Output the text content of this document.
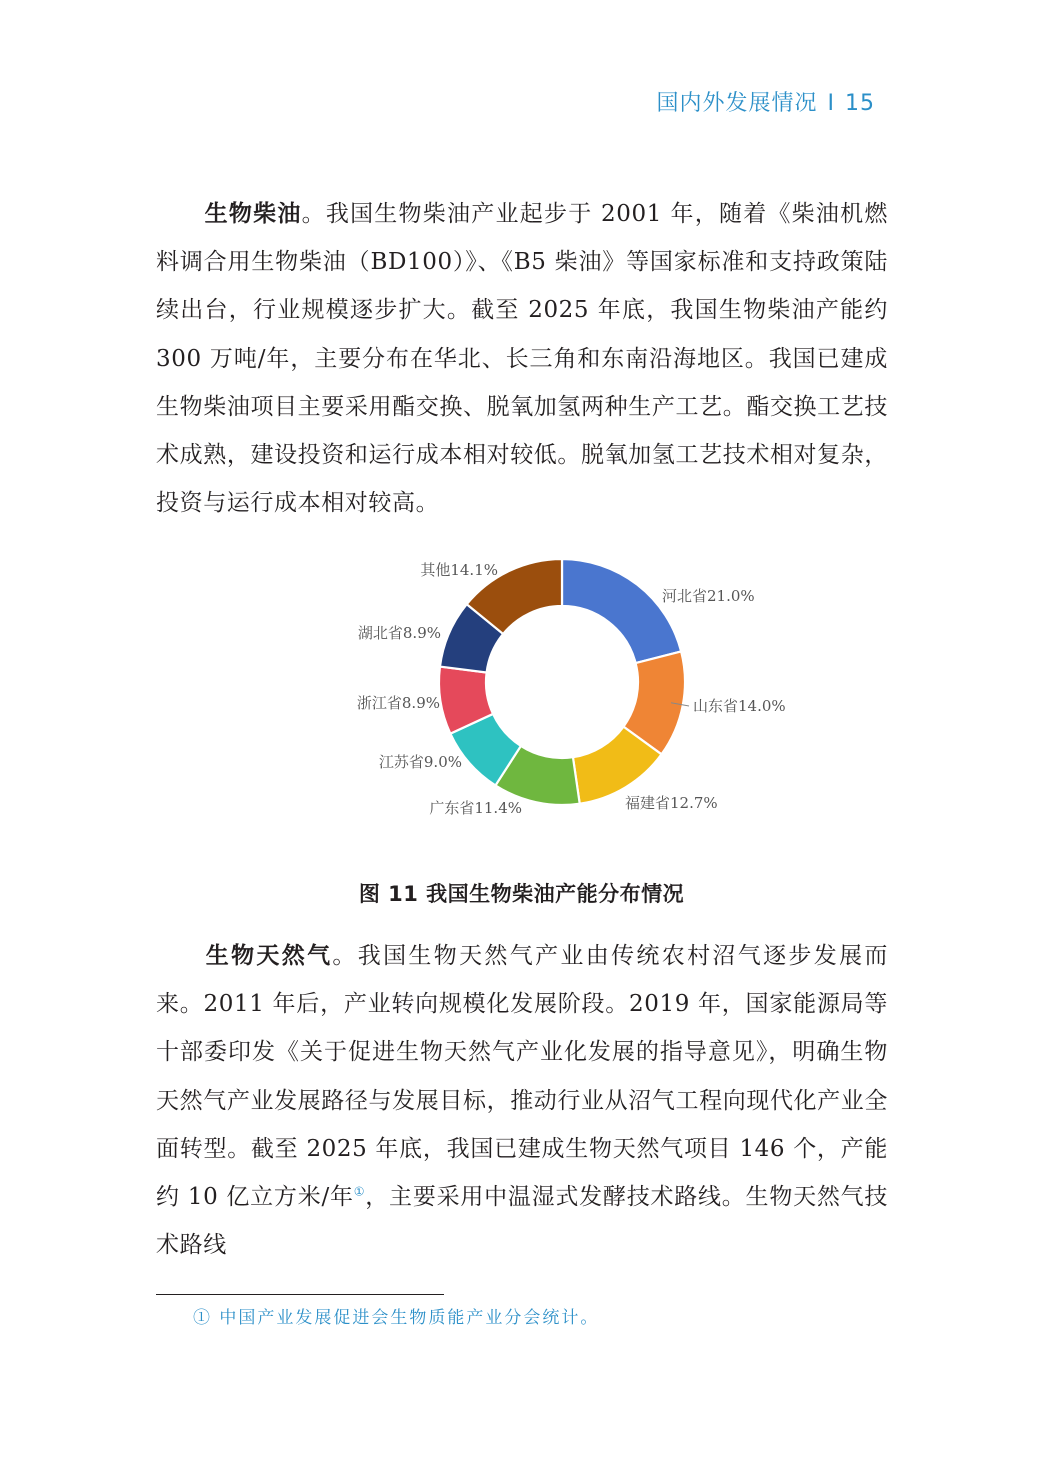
国内外发展情况 I 15

生物柴油。我国生物柴油产业起步于 2001 年，随着《柴油机燃料调合用生物柴油（BD100）》、《B5 柴油》等国家标准和支持政策陆续出台，行业规模逐步扩大。截至 2025 年底，我国生物柴油产能约 300 万吨/年，主要分布在华北、长三角和东南沿海地区。我国已建成生物柴油项目主要采用酯交换、脱氧加氢两种生产工艺。酯交换工艺技术成熟，建设投资和运行成本相对较低。脱氧加氢工艺技术相对复杂，投资与运行成本相对较高。

河北省21.0%
山东省14.0%
福建省12.7%
广东省11.4%
江苏省9.0%
浙江省8.9%
湖北省8.9%
其他14.1%
图 11 我国生物柴油产能分布情况

生物天然气。我国生物天然气产业由传统农村沼气逐步发展而来。2011 年后，产业转向规模化发展阶段。2019 年，国家能源局等十部委印发《关于促进生物天然气产业化发展的指导意见》，明确生物天然气产业发展路径与发展目标，推动行业从沼气工程向现代化产业全面转型。截至 2025 年底，我国已建成生物天然气项目 146 个，产能约 10 亿立方米/年①，主要采用中温湿式发酵技术路线。生物天然气技术路线

① 中国产业发展促进会生物质能产业分会统计。
